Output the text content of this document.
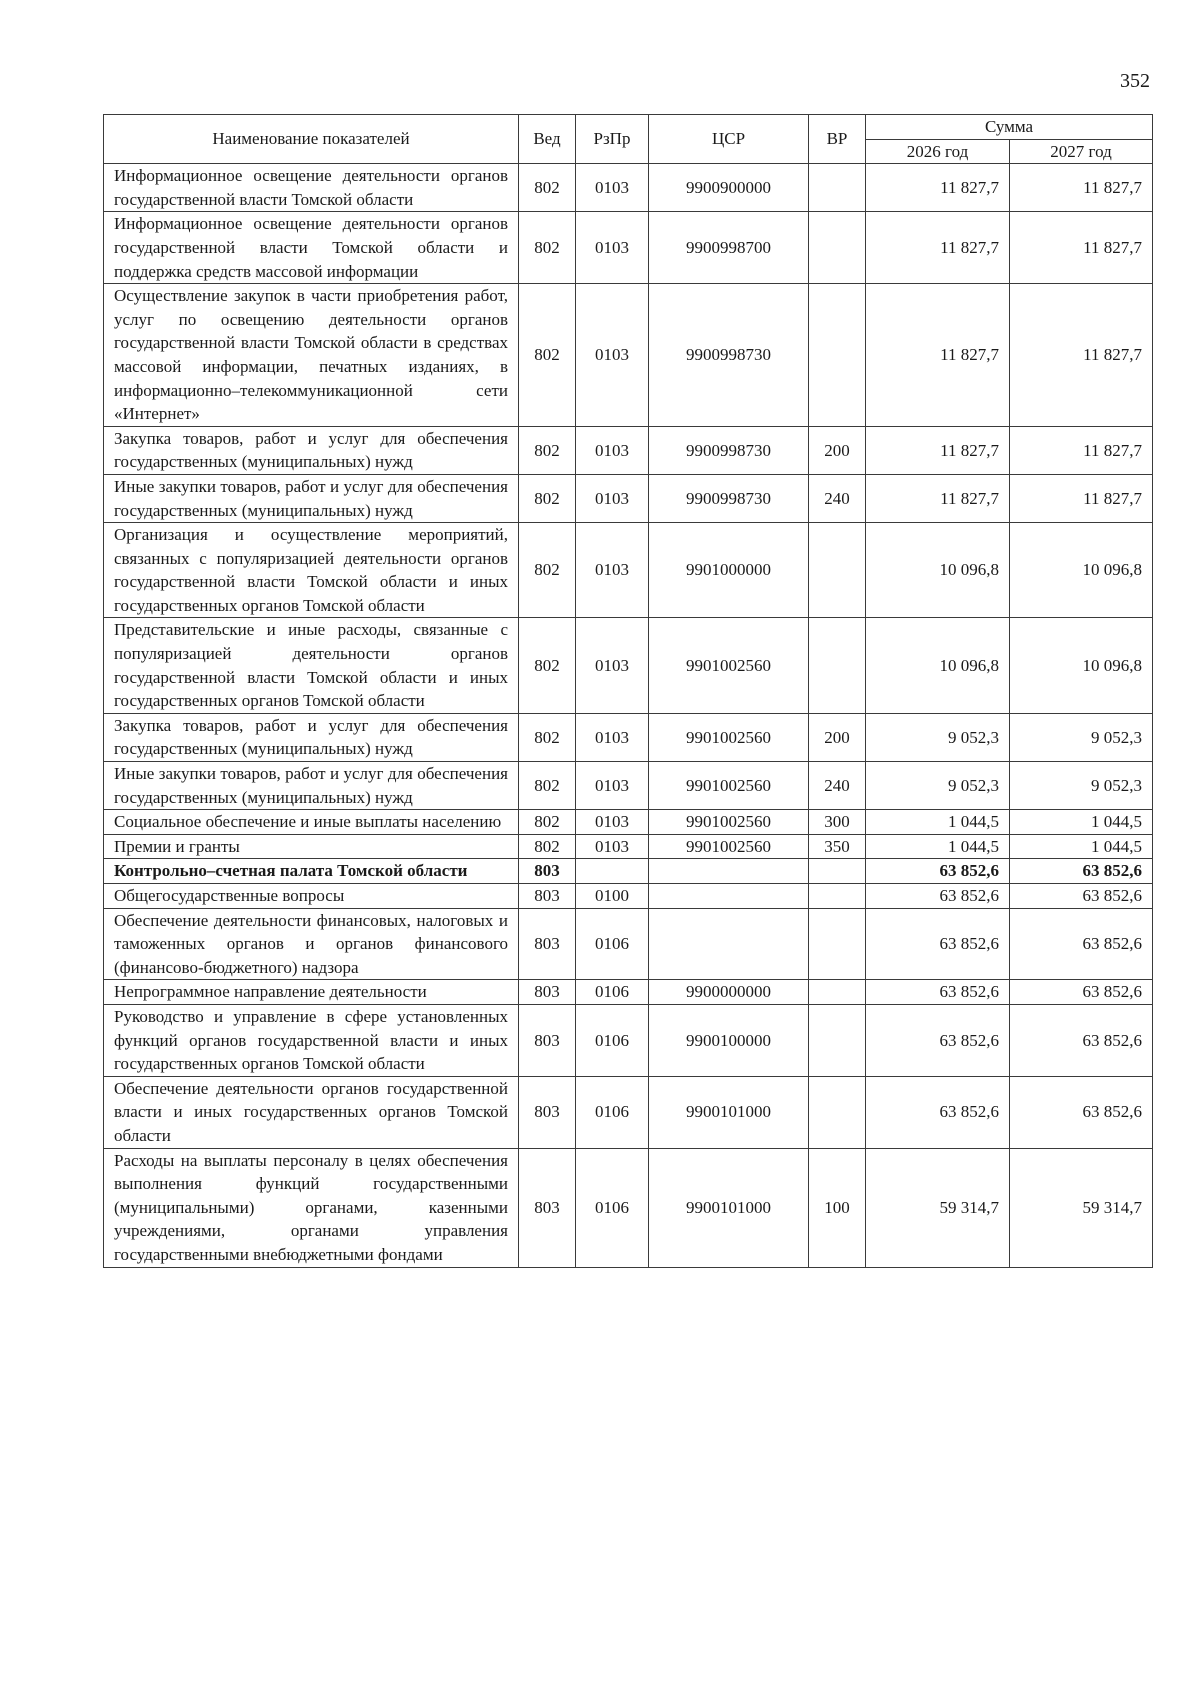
352
Наименование показателей	Вед	РзПр	ЦСР	ВР	Сумма	
					2026 год	2027 год
Информационное освещение деятельности органов государственной власти Томской области	802	0103	9900900000		11 827,7	11 827,7
Информационное освещение деятельности органов государственной власти Томской области и поддержка средств массовой информации	802	0103	9900998700		11 827,7	11 827,7
Осуществление закупок в части приобретения работ, услуг по освещению деятельности органов государственной власти Томской области в средствах массовой информации, печатных изданиях, в информационно–телекоммуникационной сети «Интернет»	802	0103	9900998730		11 827,7	11 827,7
Закупка товаров, работ и услуг для обеспечения государственных (муниципальных) нужд	802	0103	9900998730	200	11 827,7	11 827,7
Иные закупки товаров, работ и услуг для обеспечения государственных (муниципальных) нужд	802	0103	9900998730	240	11 827,7	11 827,7
Организация и осуществление мероприятий, связанных с популяризацией деятельности органов государственной власти Томской области и иных государственных органов Томской области	802	0103	9901000000		10 096,8	10 096,8
Представительские и иные расходы, связанные с популяризацией деятельности органов государственной власти Томской области и иных государственных органов Томской области	802	0103	9901002560		10 096,8	10 096,8
Закупка товаров, работ и услуг для обеспечения государственных (муниципальных) нужд	802	0103	9901002560	200	9 052,3	9 052,3
Иные закупки товаров, работ и услуг для обеспечения государственных (муниципальных) нужд	802	0103	9901002560	240	9 052,3	9 052,3
Социальное обеспечение и иные выплаты населению	802	0103	9901002560	300	1 044,5	1 044,5
Премии и гранты	802	0103	9901002560	350	1 044,5	1 044,5
Контрольно–счетная палата Томской области	803				63 852,6	63 852,6
Общегосударственные вопросы	803	0100			63 852,6	63 852,6
Обеспечение деятельности финансовых, налоговых и таможенных органов и органов финансового (финансово-бюджетного) надзора	803	0106			63 852,6	63 852,6
Непрограммное направление деятельности	803	0106	9900000000		63 852,6	63 852,6
Руководство и управление в сфере установленных функций органов государственной власти и иных государственных органов Томской области	803	0106	9900100000		63 852,6	63 852,6
Обеспечение деятельности органов государственной власти и иных государственных органов Томской области	803	0106	9900101000		63 852,6	63 852,6
Расходы на выплаты персоналу в целях обеспечения выполнения функций государственными (муниципальными) органами, казенными учреждениями, органами управления государственными внебюджетными фондами	803	0106	9900101000	100	59 314,7	59 314,7
